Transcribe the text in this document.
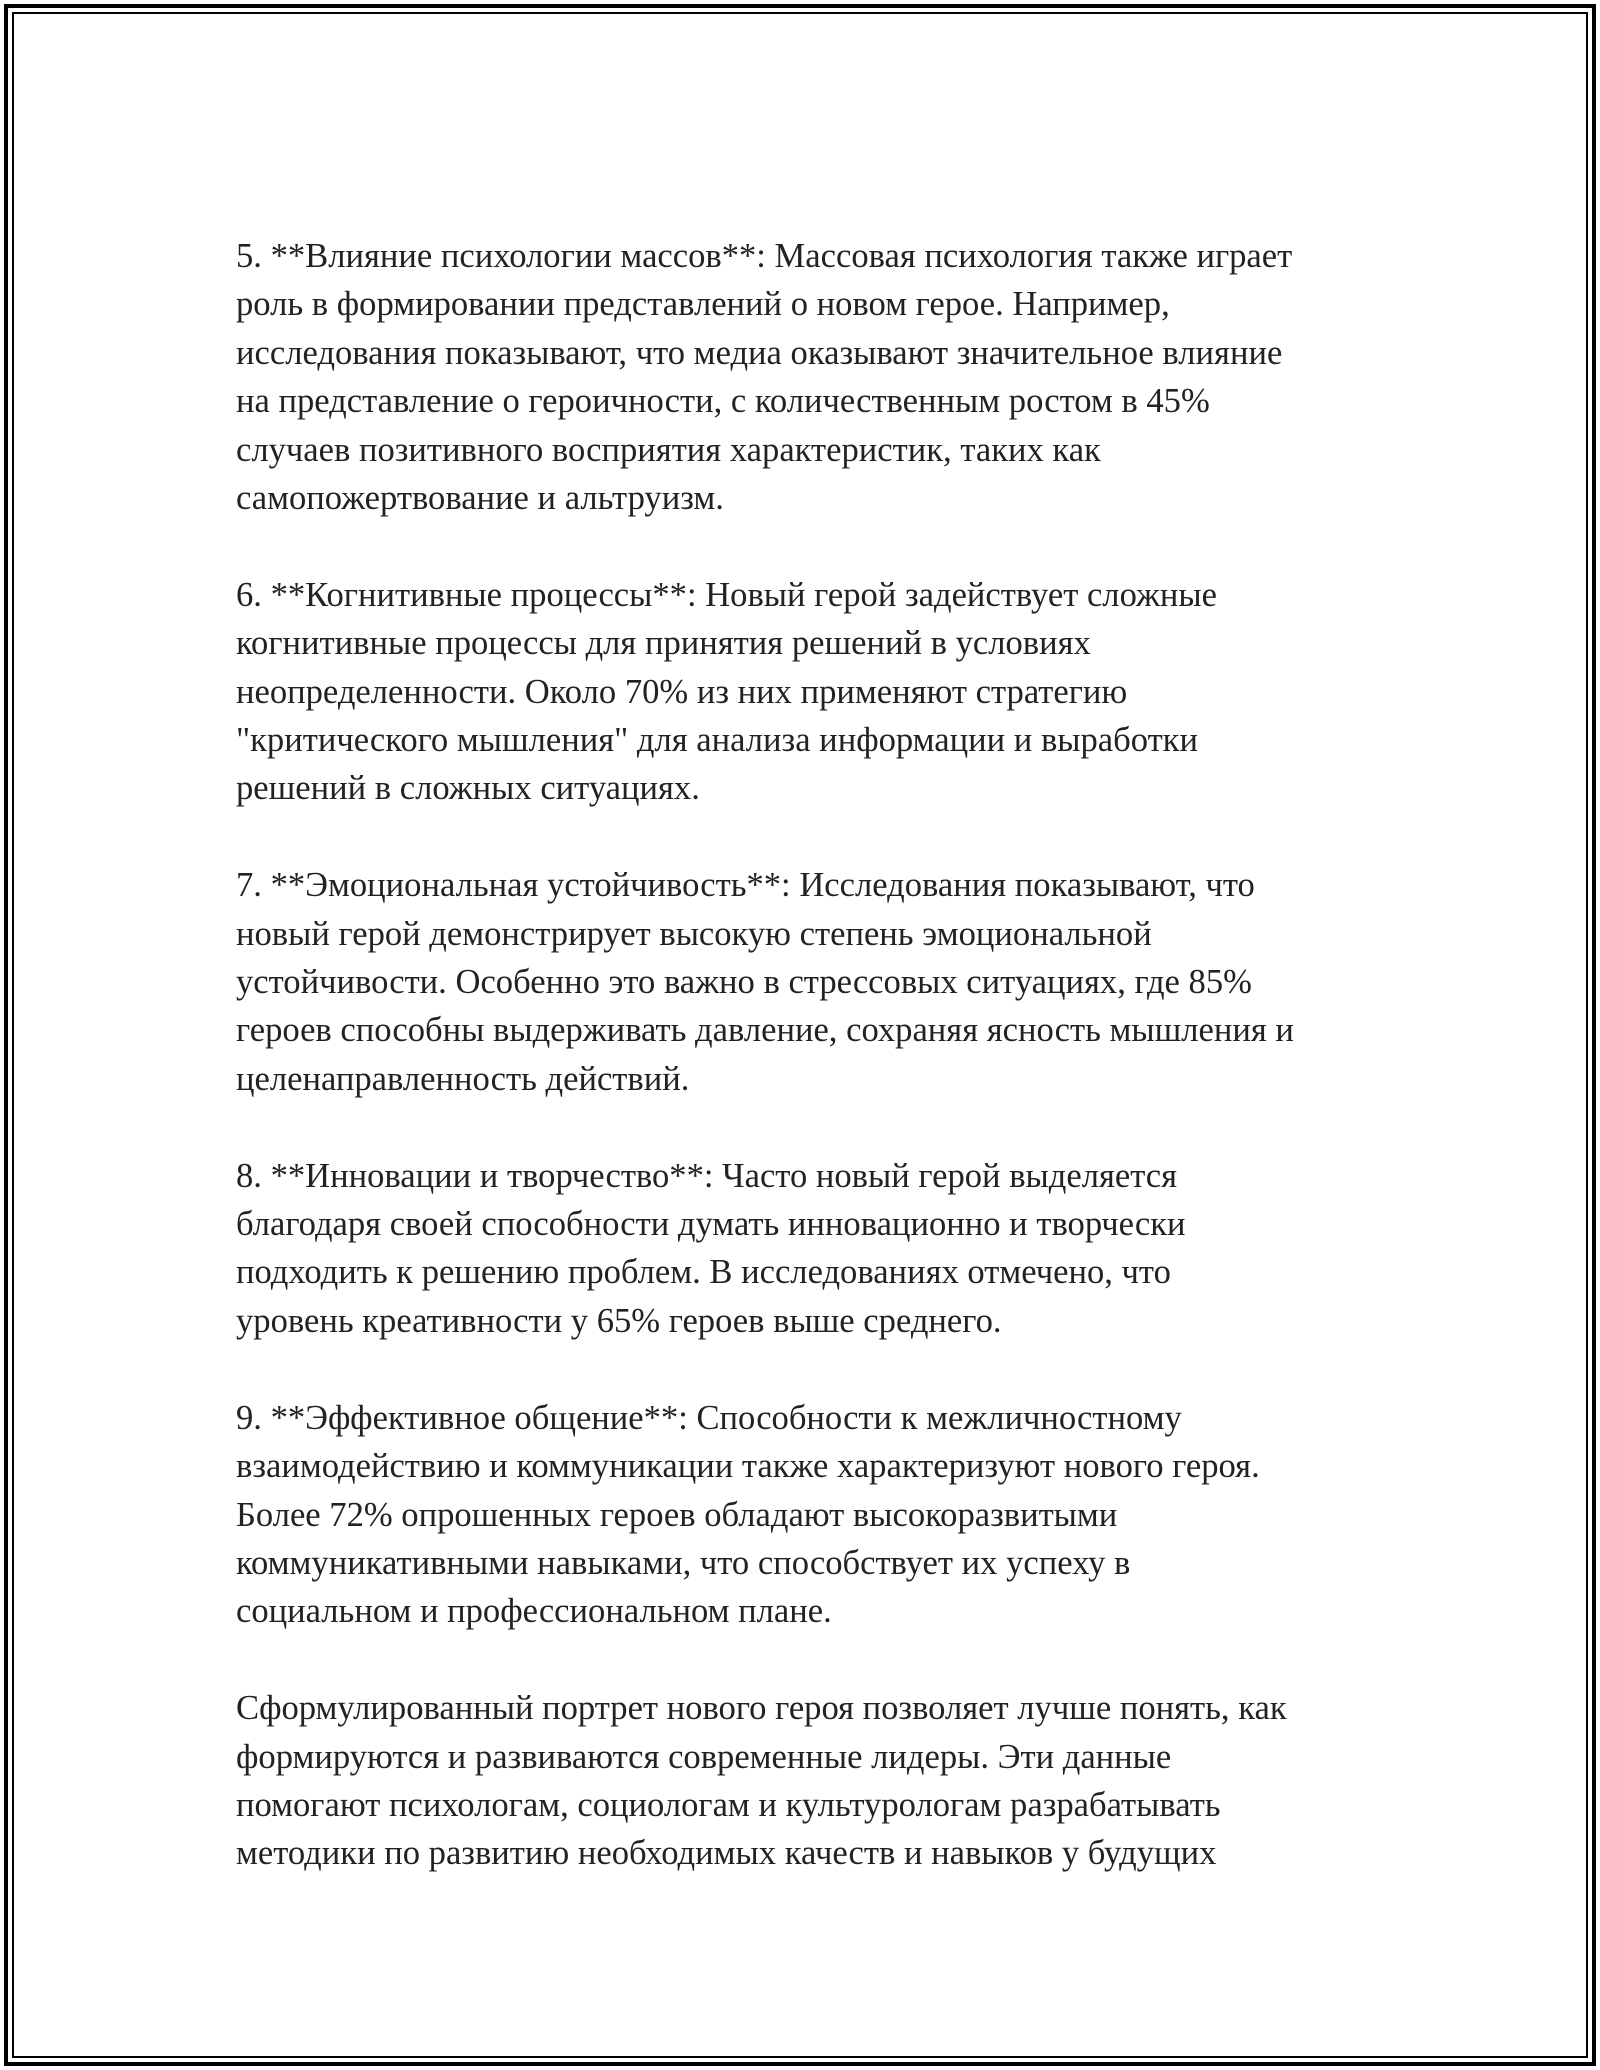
5. **Влияние психологии массов**: Массовая психология также играет
роль в формировании представлений о новом герое. Например,
исследования показывают, что медиа оказывают значительное влияние
на представление о героичности, с количественным ростом в 45%
случаев позитивного восприятия характеристик, таких как
самопожертвование и альтруизм.

6. **Когнитивные процессы**: Новый герой задействует сложные
когнитивные процессы для принятия решений в условиях
неопределенности. Около 70% из них применяют стратегию
"критического мышления" для анализа информации и выработки
решений в сложных ситуациях.

7. **Эмоциональная устойчивость**: Исследования показывают, что
новый герой демонстрирует высокую степень эмоциональной
устойчивости. Особенно это важно в стрессовых ситуациях, где 85%
героев способны выдерживать давление, сохраняя ясность мышления и
целенаправленность действий.

8. **Инновации и творчество**: Часто новый герой выделяется
благодаря своей способности думать инновационно и творчески
подходить к решению проблем. В исследованиях отмечено, что
уровень креативности у 65% героев выше среднего.

9. **Эффективное общение**: Способности к межличностному
взаимодействию и коммуникации также характеризуют нового героя.
Более 72% опрошенных героев обладают высокоразвитыми
коммуникативными навыками, что способствует их успеху в
социальном и профессиональном плане.

Сформулированный портрет нового героя позволяет лучше понять, как
формируются и развиваются современные лидеры. Эти данные
помогают психологам, социологам и культурологам разрабатывать
методики по развитию необходимых качеств и навыков у будущих
